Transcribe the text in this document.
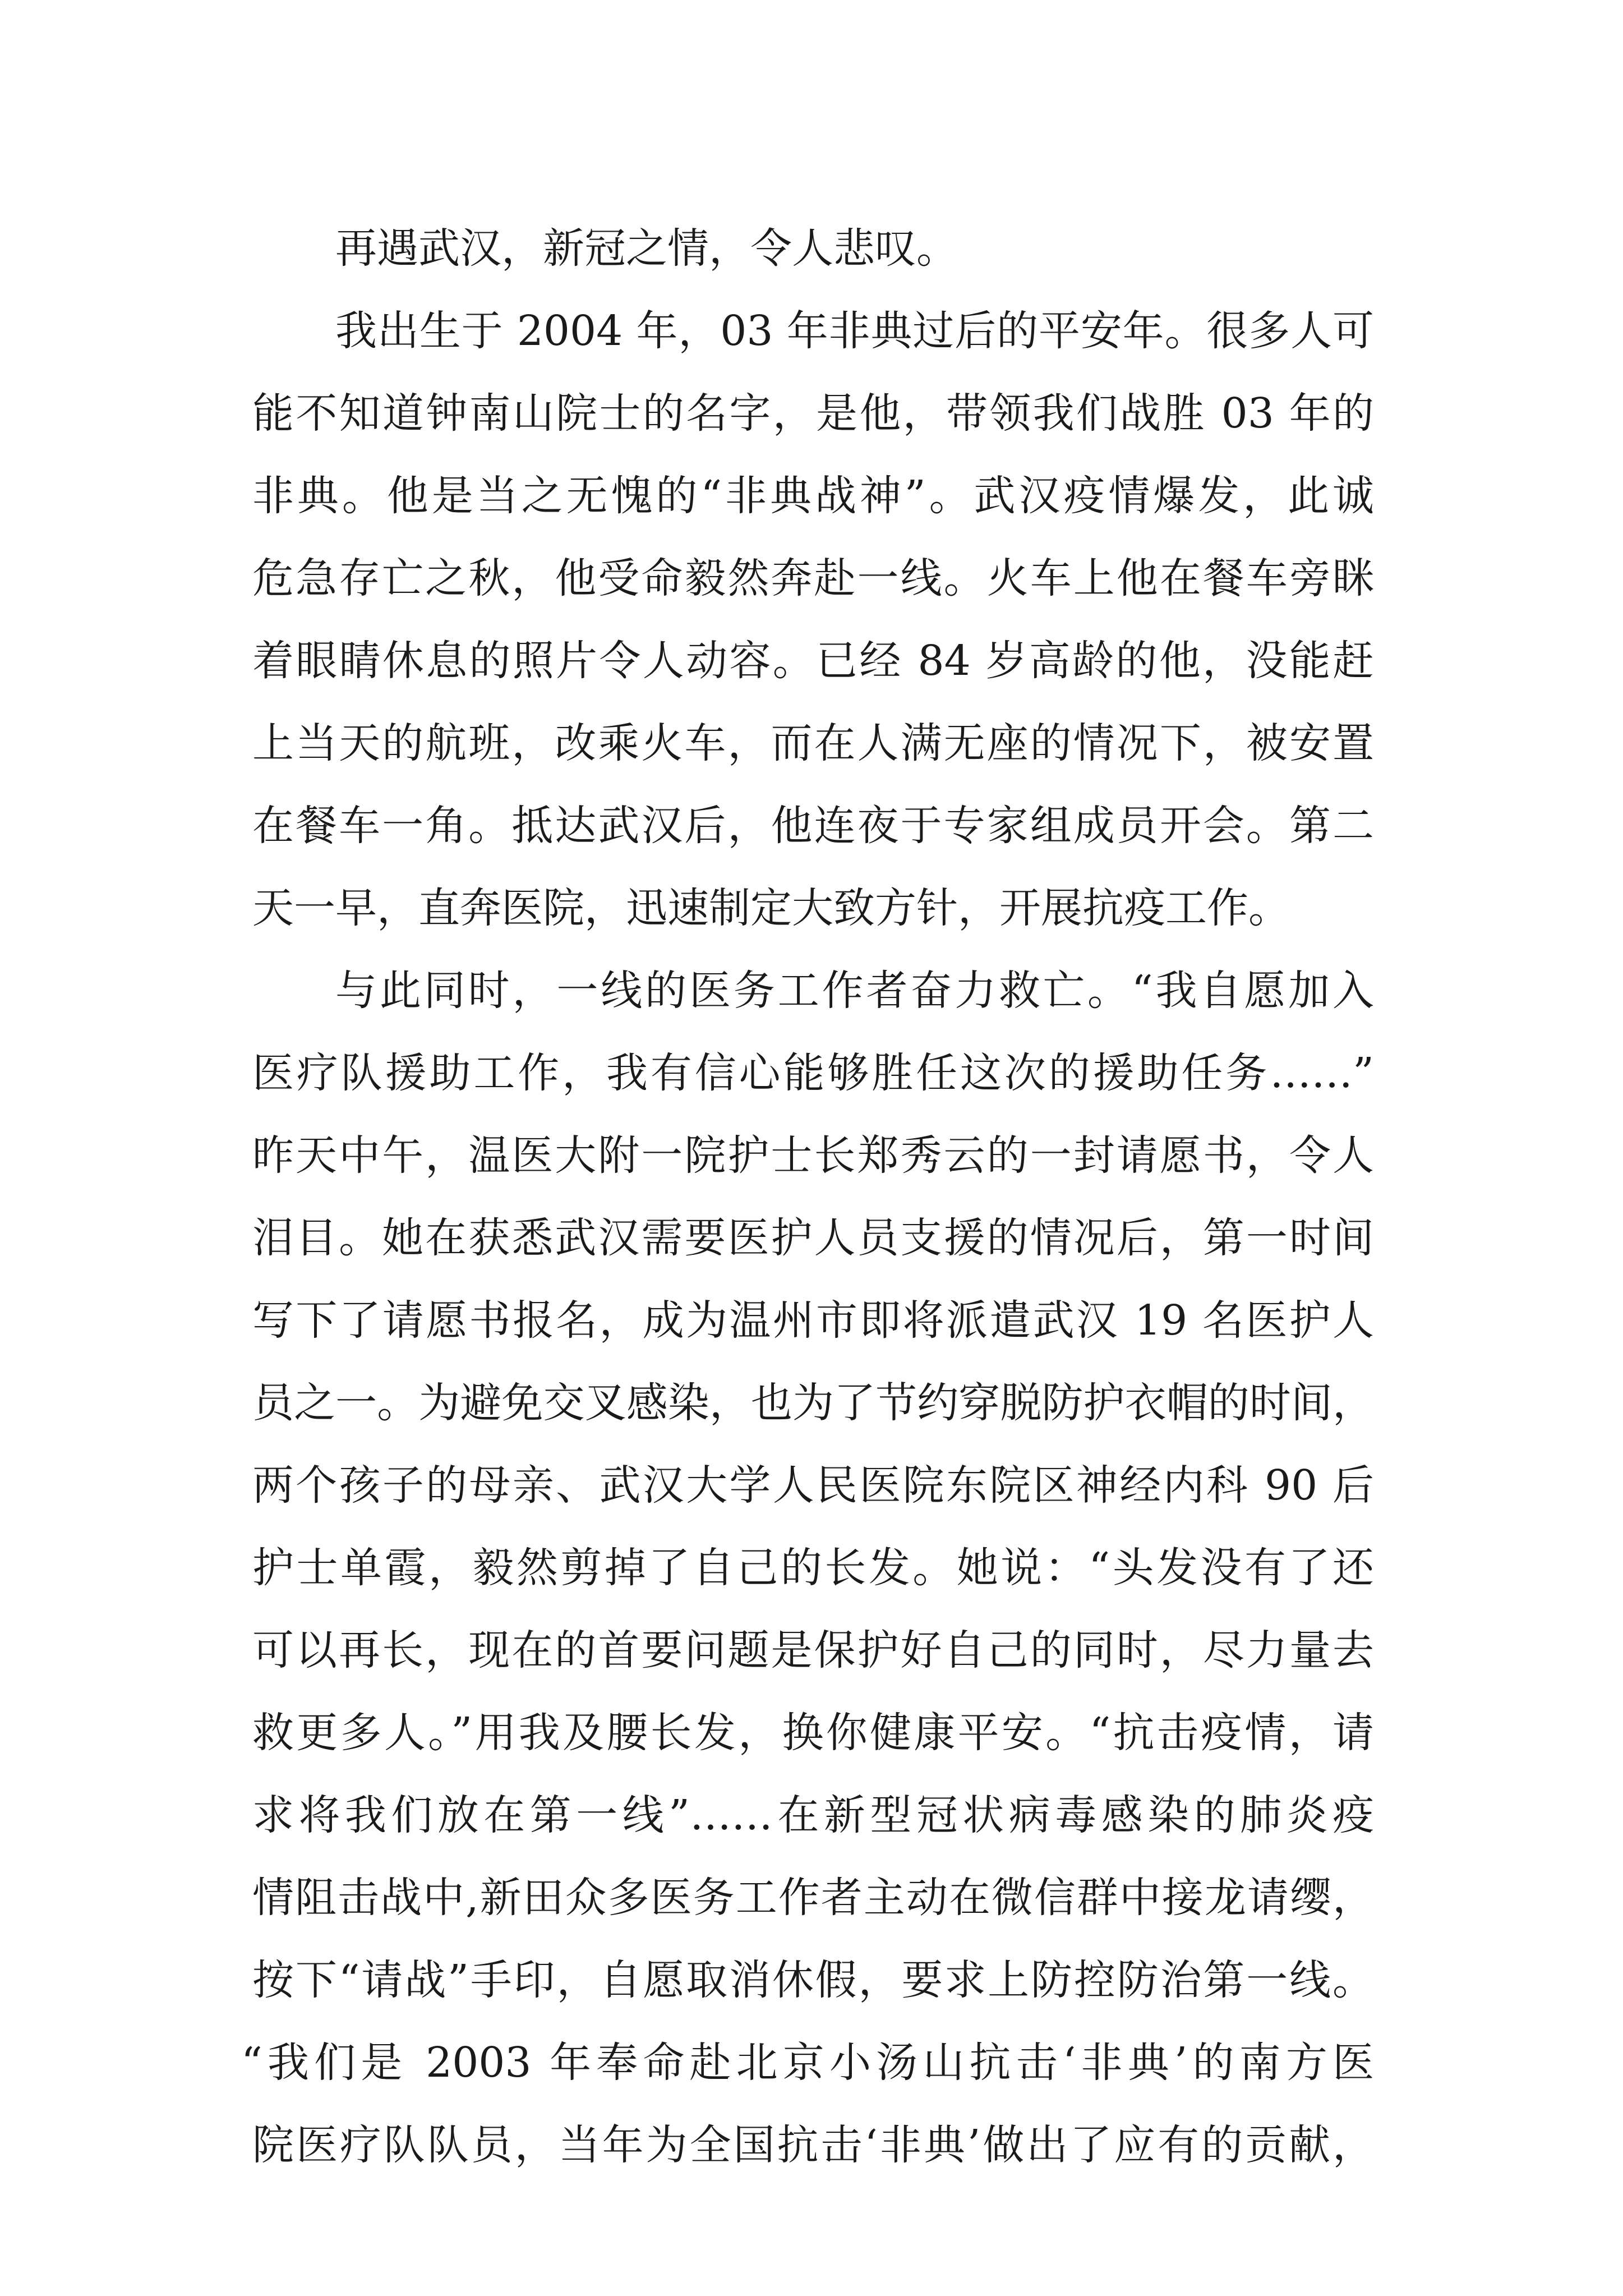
再遇武汉，新冠之情，令人悲叹。
我出生于 2004 年，03 年非典过后的平安年。很多人可
能不知道钟南山院士的名字，是他，带领我们战胜 03 年的
非典。他是当之无愧的“非典战神”。武汉疫情爆发，此诚
危急存亡之秋，他受命毅然奔赴一线。火车上他在餐车旁眯
着眼睛休息的照片令人动容。已经 84 岁高龄的他，没能赶
上当天的航班，改乘火车，而在人满无座的情况下，被安置
在餐车一角。抵达武汉后，他连夜于专家组成员开会。第二
天一早，直奔医院，迅速制定大致方针，开展抗疫工作。
与此同时，一线的医务工作者奋力救亡。“我自愿加入
医疗队援助工作，我有信心能够胜任这次的援助任务……”
昨天中午，温医大附一院护士长郑秀云的一封请愿书，令人
泪目。她在获悉武汉需要医护人员支援的情况后，第一时间
写下了请愿书报名，成为温州市即将派遣武汉 19 名医护人
员之一。为避免交叉感染，也为了节约穿脱防护衣帽的时间，
两个孩子的母亲、武汉大学人民医院东院区神经内科 90 后
护士单霞，毅然剪掉了自己的长发。她说：“头发没有了还
可以再长，现在的首要问题是保护好自己的同时，尽力量去
救更多人。”用我及腰长发，换你健康平安。“抗击疫情，请
求将我们放在第一线”……在新型冠状病毒感染的肺炎疫
情阻击战中,新田众多医务工作者主动在微信群中接龙请缨，
按下“请战”手印，自愿取消休假，要求上防控防治第一线。
“我们是 2003 年奉命赴北京小汤山抗击‘非典’的南方医
院医疗队队员，当年为全国抗击‘非典’做出了应有的贡献，
